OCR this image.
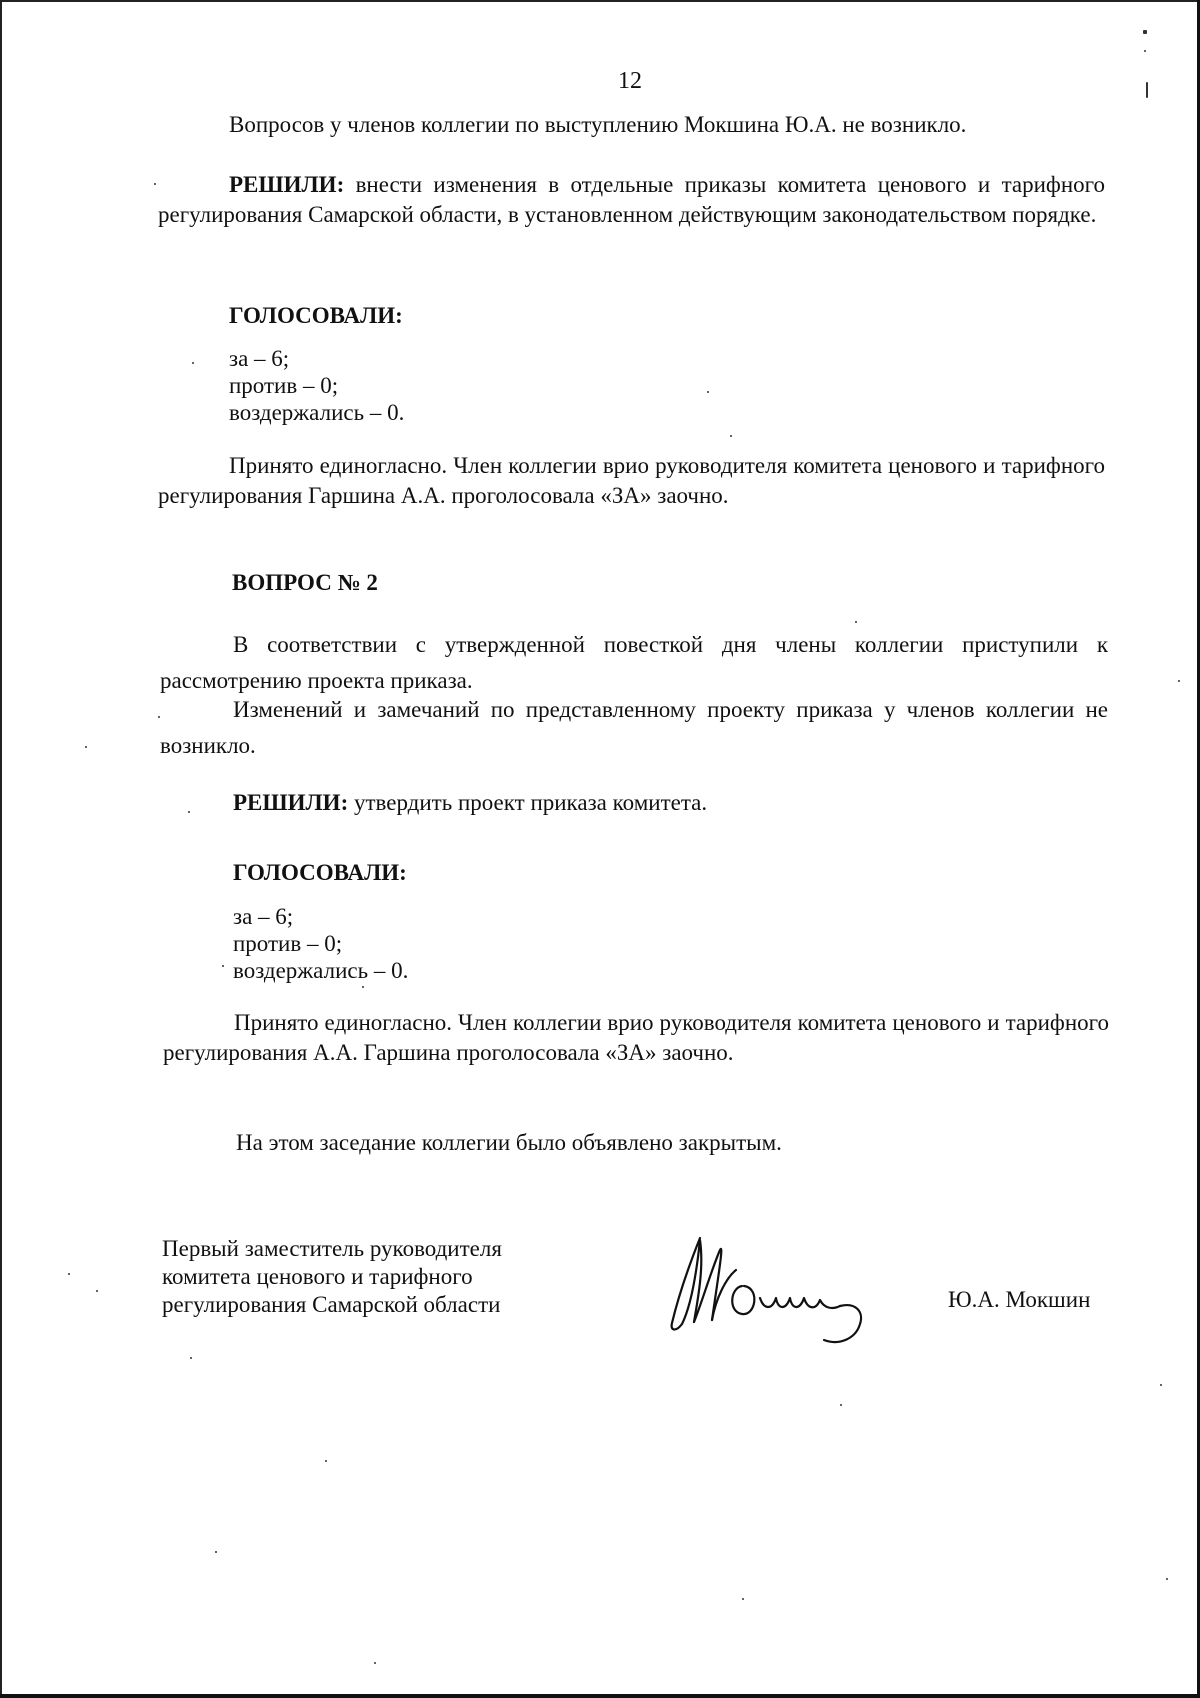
12
Вопросов у членов коллегии по выступлению Мокшина Ю.А. не возникло.
РЕШИЛИ: внести изменения в отдельные приказы комитета ценового и тарифного регулирования Самарской области, в установленном действующим законодательством порядке.
ГОЛОСОВАЛИ:
за – 6;
против – 0;
воздержались – 0.
Принято единогласно. Член коллегии врио руководителя комитета ценового и тарифного регулирования Гаршина А.А. проголосовала «ЗА» заочно.
ВОПРОС № 2
В соответствии с утвержденной повесткой дня члены коллегии приступили к рассмотрению проекта приказа.
Изменений и замечаний по представленному проекту приказа у членов коллегии не возникло.
РЕШИЛИ: утвердить проект приказа комитета.
ГОЛОСОВАЛИ:
за – 6;
против – 0;
воздержались – 0.
Принято единогласно. Член коллегии врио руководителя комитета ценового и тарифного регулирования А.А. Гаршина проголосовала «ЗА» заочно.
На этом заседание коллегии было объявлено закрытым.
Первый заместитель руководителя
комитета ценового и тарифного
регулирования Самарской области	Ю.А. Мокшин
